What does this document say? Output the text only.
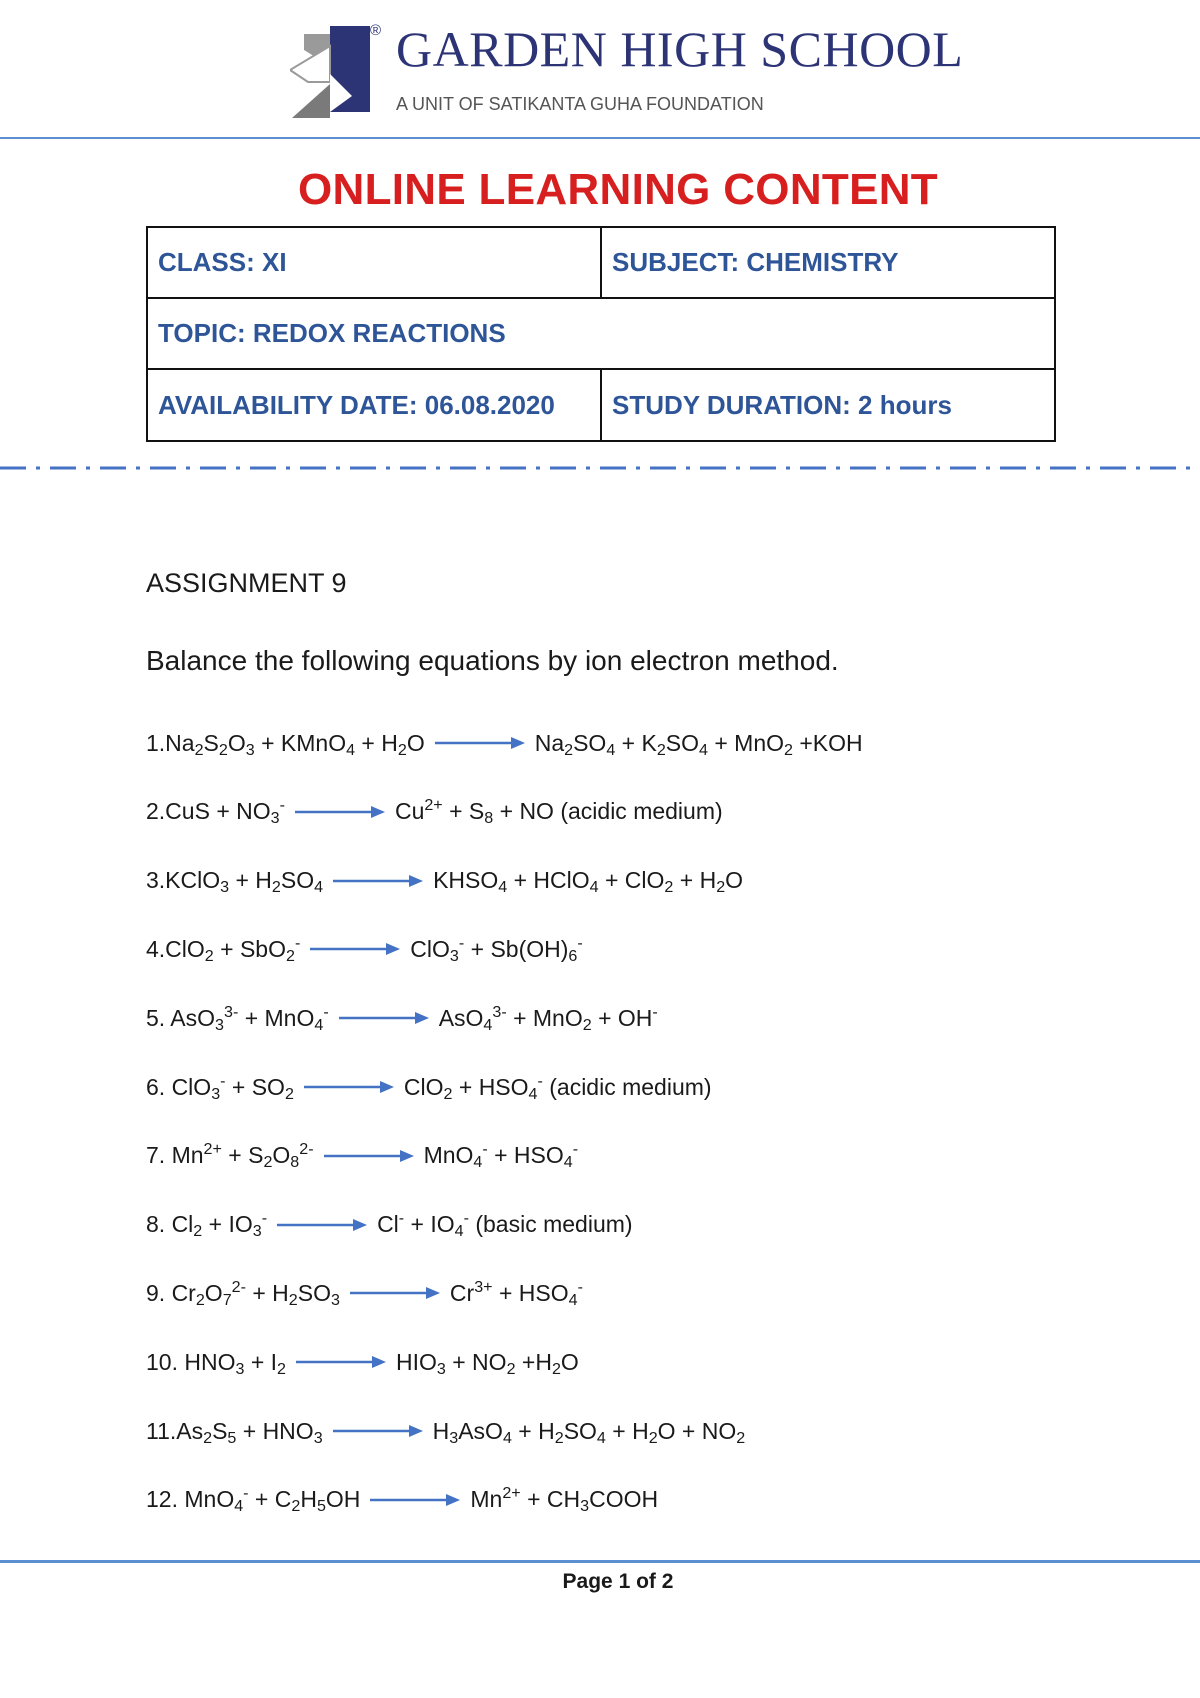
® GARDEN HIGH SCHOOL
A UNIT OF SATIKANTA GUHA FOUNDATION
ONLINE LEARNING CONTENT
CLASS: XI	SUBJECT: CHEMISTRY
TOPIC: REDOX REACTIONS
AVAILABILITY DATE: 06.08.2020	STUDY DURATION: 2 hours
ASSIGNMENT 9
Balance the following equations by ion electron method.
$1.Na_2S_2O_3$ + KMnO$_4$ + $H_2O \to Na_2SO_4 + K_2SO_4 + MnO_2 +KOH$
$2.CuS + NO_3^- \to Cu^{2+} + S_8$ + NO (acidic medium)
3.KClO$_3$ + $H_2SO_4$ → $KHSO_4$ + HClO$_4$ + $ClO_2 + H_2O$
$4.ClO_2 + SbO_2^- \to ClO_3^- + Sb(OH)_6^-$
5. AsO$_3^{3-}$ + MnO$_4$- → AsO$_4^{3-}$ + MnO$_2$ + OH-
6. $ClO_3^- + SO_2 \to ClO_2 + HSO_4^-$ (acidic medium)
7. $Mn^{2+} + S_2O_8^{2-} \to MnO_4^- + HSO_4^-$
8. $Cl_2 + IO_3^- \to Cl^- + IO_4^-$ (basic medium)
9. $Cr_2O_7^{2-} + H_2SO_3 \to Cr^{3+} + HSO_4^-$
10. $HNO_3 + I_2 \to HIO_3 + NO_2 +H_2O$
$11.As_2S_5 + HNO_3 \to H_3AsO_4 + H_2SO_4 + H_2O + NO_2$
12. $MnO_4^- + C_2H_5OH \to Mn^{2+}$ + $CH_3COOH$
Page 1 of 2
